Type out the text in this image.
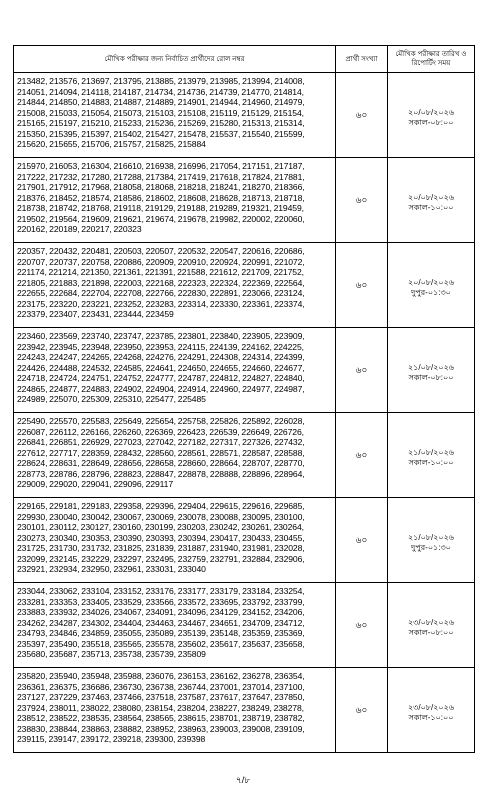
মৌখিক পরীক্ষার জন্য নির্বাচিত প্রার্থীদের রোল নম্বর	প্রার্থী সংখ্যা	মৌখিক পরীক্ষার তারিখ ও রিপোর্টিং সময়
213482, 213576, 213697, 213795, 213885, 213979, 213985, 213994, 214008, 214051, 214094, 214118, 214187, 214734, 214736, 214739, 214770, 214814, 214844, 214850, 214883, 214887, 214889, 214901, 214944, 214960, 214979, 215008, 215033, 215054, 215073, 215103, 215108, 215119, 215129, 215154, 215165, 215197, 215210, 215233, 215236, 215269, 215280, 215313, 215314, 215350, 215395, 215397, 215402, 215427, 215478, 215537, 215540, 215599, 215620, 215655, 215706, 215757, 215825, 215884	৬০	২০/০৮/২০২৬
সকাল-০৮:০০

215970, 216053, 216304, 216610, 216938, 216996, 217054, 217151, 217187, 217222, 217232, 217280, 217288, 217384, 217419, 217618, 217824, 217881, 217901, 217912, 217968, 218058, 218068, 218218, 218241, 218270, 218366, 218376, 218452, 218574, 218586, 218602, 218608, 218628, 218713, 218718, 218738, 218742, 218768, 219118, 219129, 219188, 219289, 219321, 219459, 219502, 219564, 219609, 219621, 219674, 219678, 219982, 220002, 220060, 220162, 220189, 220217, 220323	৬০	২০/০৮/২০২৬
সকাল-১০:০০

220357, 220432, 220481, 220503, 220507, 220532, 220547, 220616, 220686, 220707, 220737, 220758, 220886, 220909, 220910, 220924, 220991, 221072, 221174, 221214, 221350, 221361, 221391, 221588, 221612, 221709, 221752, 221805, 221883, 221898, 222003, 222168, 222323, 222324, 222369, 222564, 222655, 222684, 222704, 222708, 222766, 222830, 222891, 223066, 223124, 223175, 223220, 223221, 223252, 223283, 223314, 223330, 223361, 223374, 223379, 223407, 223431, 223444, 223459	৬০	২০/০৮/২০২৬
দুপুর-০১:৩০

223460, 223569, 223740, 223747, 223785, 223801, 223840, 223905, 223909, 223942, 223945, 223948, 223950, 223953, 224115, 224139, 224162, 224225, 224243, 224247, 224265, 224268, 224276, 224291, 224308, 224314, 224399, 224426, 224488, 224532, 224585, 224641, 224650, 224655, 224660, 224677, 224718, 224724, 224751, 224752, 224777, 224787, 224812, 224827, 224840, 224865, 224877, 224883, 224902, 224904, 224914, 224960, 224977, 224987, 224989, 225070, 225309, 225310, 225477, 225485	৬০	২১/০৮/২০২৬
সকাল-০৮:০০

225490, 225570, 225583, 225649, 225654, 225758, 225826, 225892, 226028, 226087, 226112, 226166, 226260, 226369, 226423, 226539, 226649, 226726, 226841, 226851, 226929, 227023, 227042, 227182, 227317, 227326, 227432, 227612, 227717, 228359, 228432, 228560, 228561, 228571, 228587, 228588, 228624, 228631, 228649, 228656, 228658, 228660, 228664, 228707, 228770, 228773, 228786, 228796, 228823, 228847, 228878, 228888, 228896, 228964, 229009, 229020, 229041, 229096, 229117	৬০	২১/০৮/২০২৬
সকাল-১০:০০

229165, 229181, 229183, 229358, 229396, 229404, 229615, 229616, 229685, 229930, 230040, 230042, 230067, 230069, 230078, 230088, 230095, 230100, 230101, 230112, 230127, 230160, 230199, 230203, 230242, 230261, 230264, 230273, 230340, 230353, 230390, 230393, 230394, 230417, 230433, 230455, 231725, 231730, 231732, 231825, 231839, 231887, 231940, 231981, 232028, 232099, 232145, 232229, 232297, 232495, 232759, 232791, 232884, 232906, 232921, 232934, 232950, 232961, 233031, 233040	৬০	২১/০৮/২০২৬
দুপুর-০১:৩০

233044, 233062, 233104, 233152, 233176, 233177, 233179, 233184, 233254, 233281, 233353, 233405, 233529, 233566, 233572, 233695, 233792, 233799, 233883, 233932, 234026, 234067, 234091, 234096, 234129, 234152, 234206, 234262, 234287, 234302, 234404, 234463, 234467, 234651, 234709, 234712, 234793, 234846, 234859, 235055, 235089, 235139, 235148, 235359, 235369, 235397, 235490, 235518, 235565, 235578, 235602, 235617, 235637, 235658, 235680, 235687, 235713, 235738, 235739, 235809	৬০	২৩/০৮/২০২৬
সকাল-০৮:০০

235820, 235940, 235948, 235988, 236076, 236153, 236162, 236278, 236354, 236361, 236375, 236686, 236730, 236738, 236744, 237001, 237014, 237100, 237127, 237229, 237463, 237466, 237518, 237587, 237617, 237647, 237850, 237924, 238011, 238022, 238080, 238154, 238204, 238227, 238249, 238278, 238512, 238522, 238535, 238564, 238565, 238615, 238701, 238719, 238782, 238830, 238844, 238863, 238882, 238952, 238963, 239003, 239008, 239109, 239115, 239147, 239172, 239218, 239300, 239398	৬০	২৩/০৮/২০২৬
সকাল-১০:০০
৭/৮
